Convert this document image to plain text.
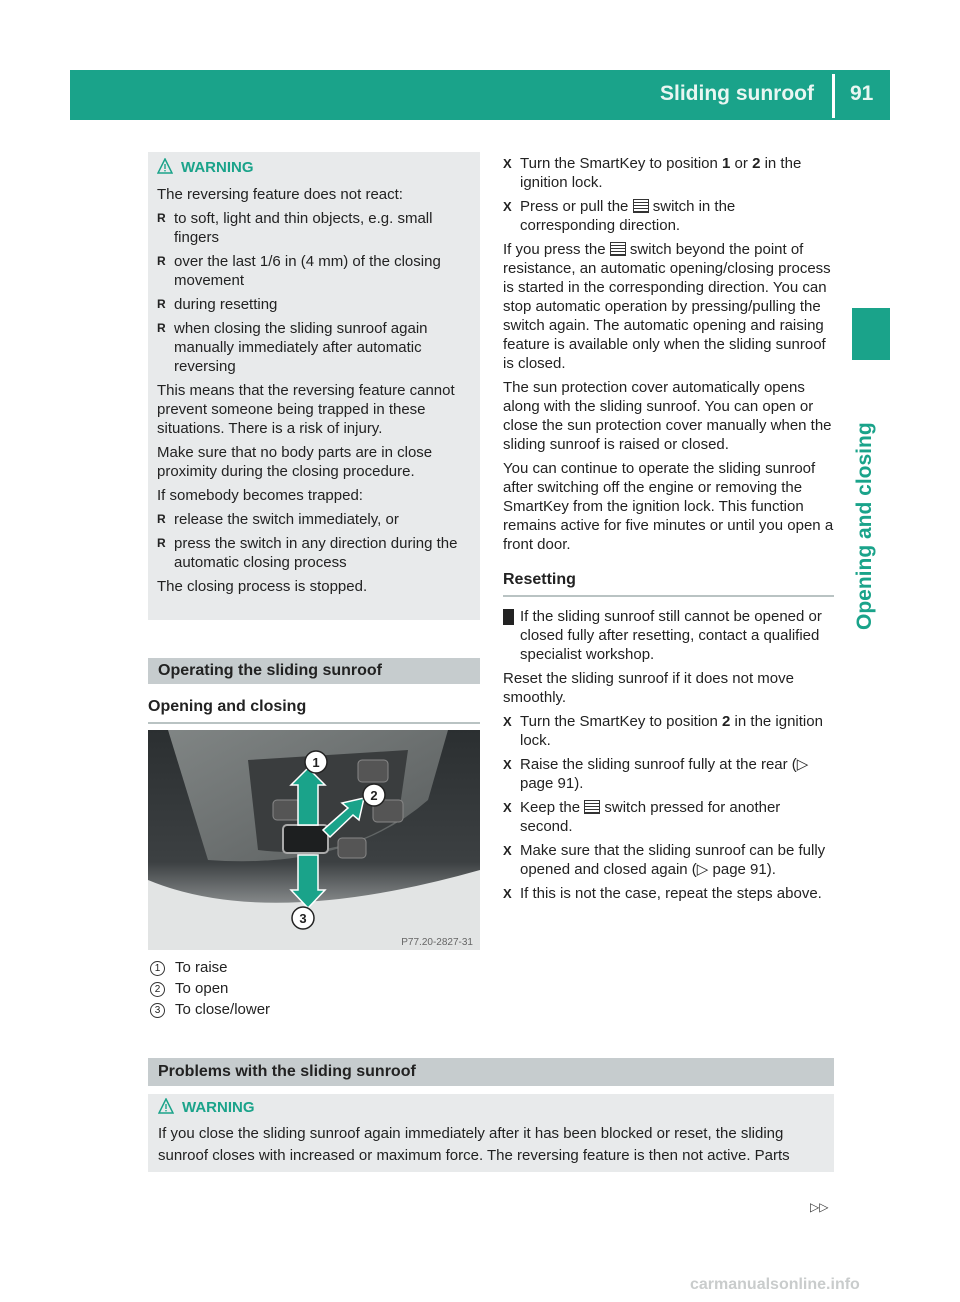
Sliding sunroof 91
Opening and closing
WARNING

The reversing feature does not react:

R to soft, light and thin objects, e.g. small fingers

R over the last 1/6 in (4 mm) of the closing movement

R during resetting

R when closing the sliding sunroof again manually immediately after automatic reversing

This means that the reversing feature cannot prevent someone being trapped in these situations. There is a risk of injury.

Make sure that no body parts are in close proximity during the closing procedure.

If somebody becomes trapped:

R release the switch immediately, or

R press the switch in any direction during the automatic closing process

The closing process is stopped.

Operating the sliding sunroof
Opening and closing
1
2
3
P77.20-2827-31
1 To raise
2 To open
3 To close/lower

X Turn the SmartKey to position 1 or 2 in the ignition lock.

X Press or pull the  switch in the corresponding direction.

If you press the  switch beyond the point of resistance, an automatic opening/closing process is started in the corresponding direction. You can stop automatic operation by pressing/pulling the switch again. The automatic opening and raising feature is available only when the sliding sunroof is closed.

The sun protection cover automatically opens along with the sliding sunroof. You can open or close the sun protection cover manually when the sliding sunroof is raised or closed.

You can continue to operate the sliding sunroof after switching off the engine or removing the SmartKey from the ignition lock. This function remains active for five minutes or until you open a front door.

Resetting

! If the sliding sunroof still cannot be opened or closed fully after resetting, contact a qualified specialist workshop.

Reset the sliding sunroof if it does not move smoothly.

X Turn the SmartKey to position 2 in the ignition lock.

X Raise the sliding sunroof fully at the rear (▷ page 91).

X Keep the  switch pressed for another second.

X Make sure that the sliding sunroof can be fully opened and closed again (▷ page 91).

X If this is not the case, repeat the steps above.

Problems with the sliding sunroof
WARNING

If you close the sliding sunroof again immediately after it has been blocked or reset, the sliding sunroof closes with increased or maximum force. The reversing feature is then not active. Parts

▷▷
carmanualsonline.info
